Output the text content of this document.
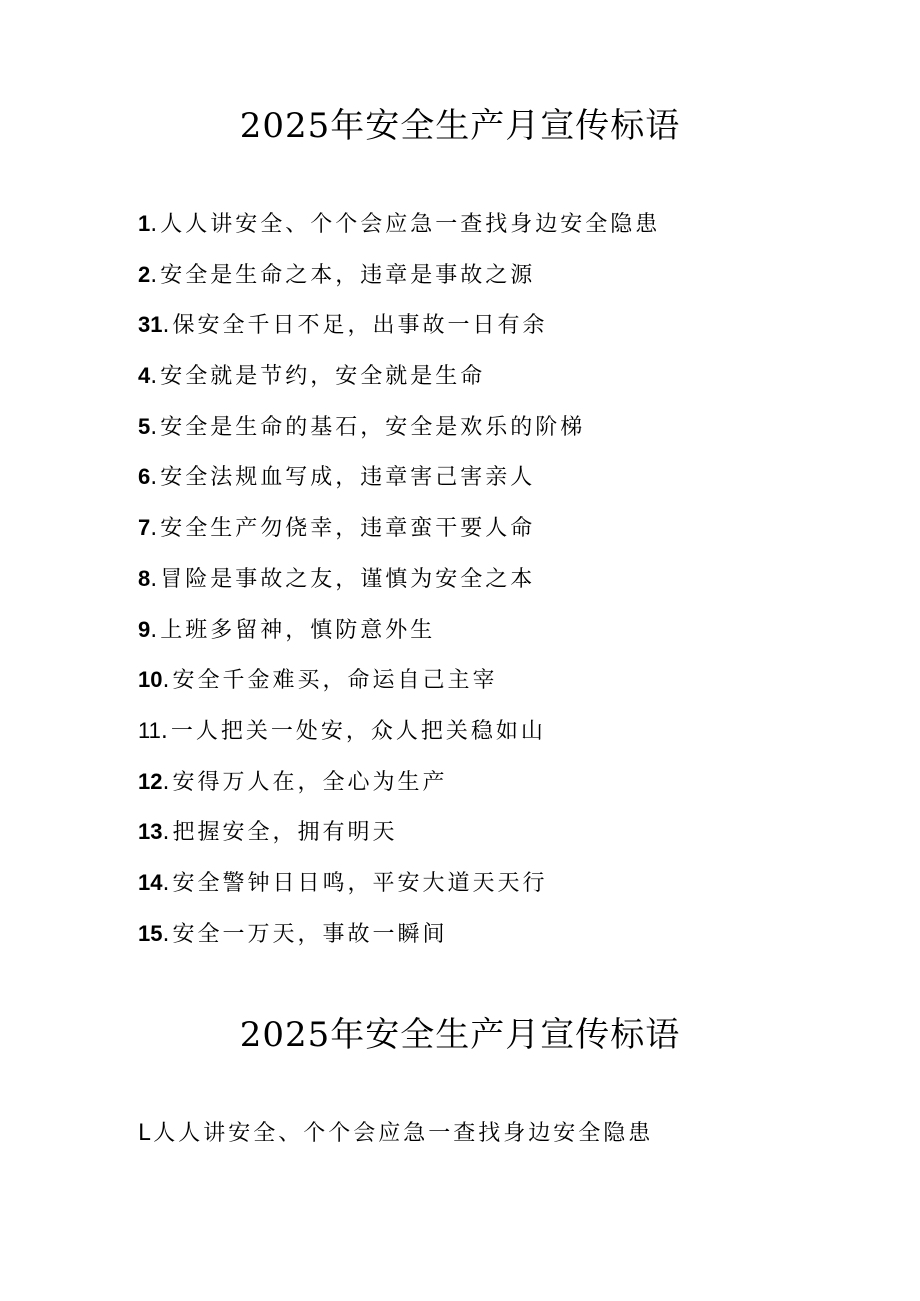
2025年安全生产月宣传标语
1.人人讲安全、个个会应急一查找身边安全隐患
2.安全是生命之本，违章是事故之源
31.保安全千日不足，出事故一日有余
4.安全就是节约，安全就是生命
5.安全是生命的基石，安全是欢乐的阶梯
6.安全法规血写成，违章害己害亲人
7.安全生产勿侥幸，违章蛮干要人命
8.冒险是事故之友，谨慎为安全之本
9.上班多留神，慎防意外生
10.安全千金难买，命运自己主宰
11.一人把关一处安，众人把关稳如山
12.安得万人在，全心为生产
13.把握安全，拥有明天
14.安全警钟日日鸣，平安大道天天行
15.安全一万天，事故一瞬间
2025年安全生产月宣传标语

L人人讲安全、个个会应急一查找身边安全隐患
